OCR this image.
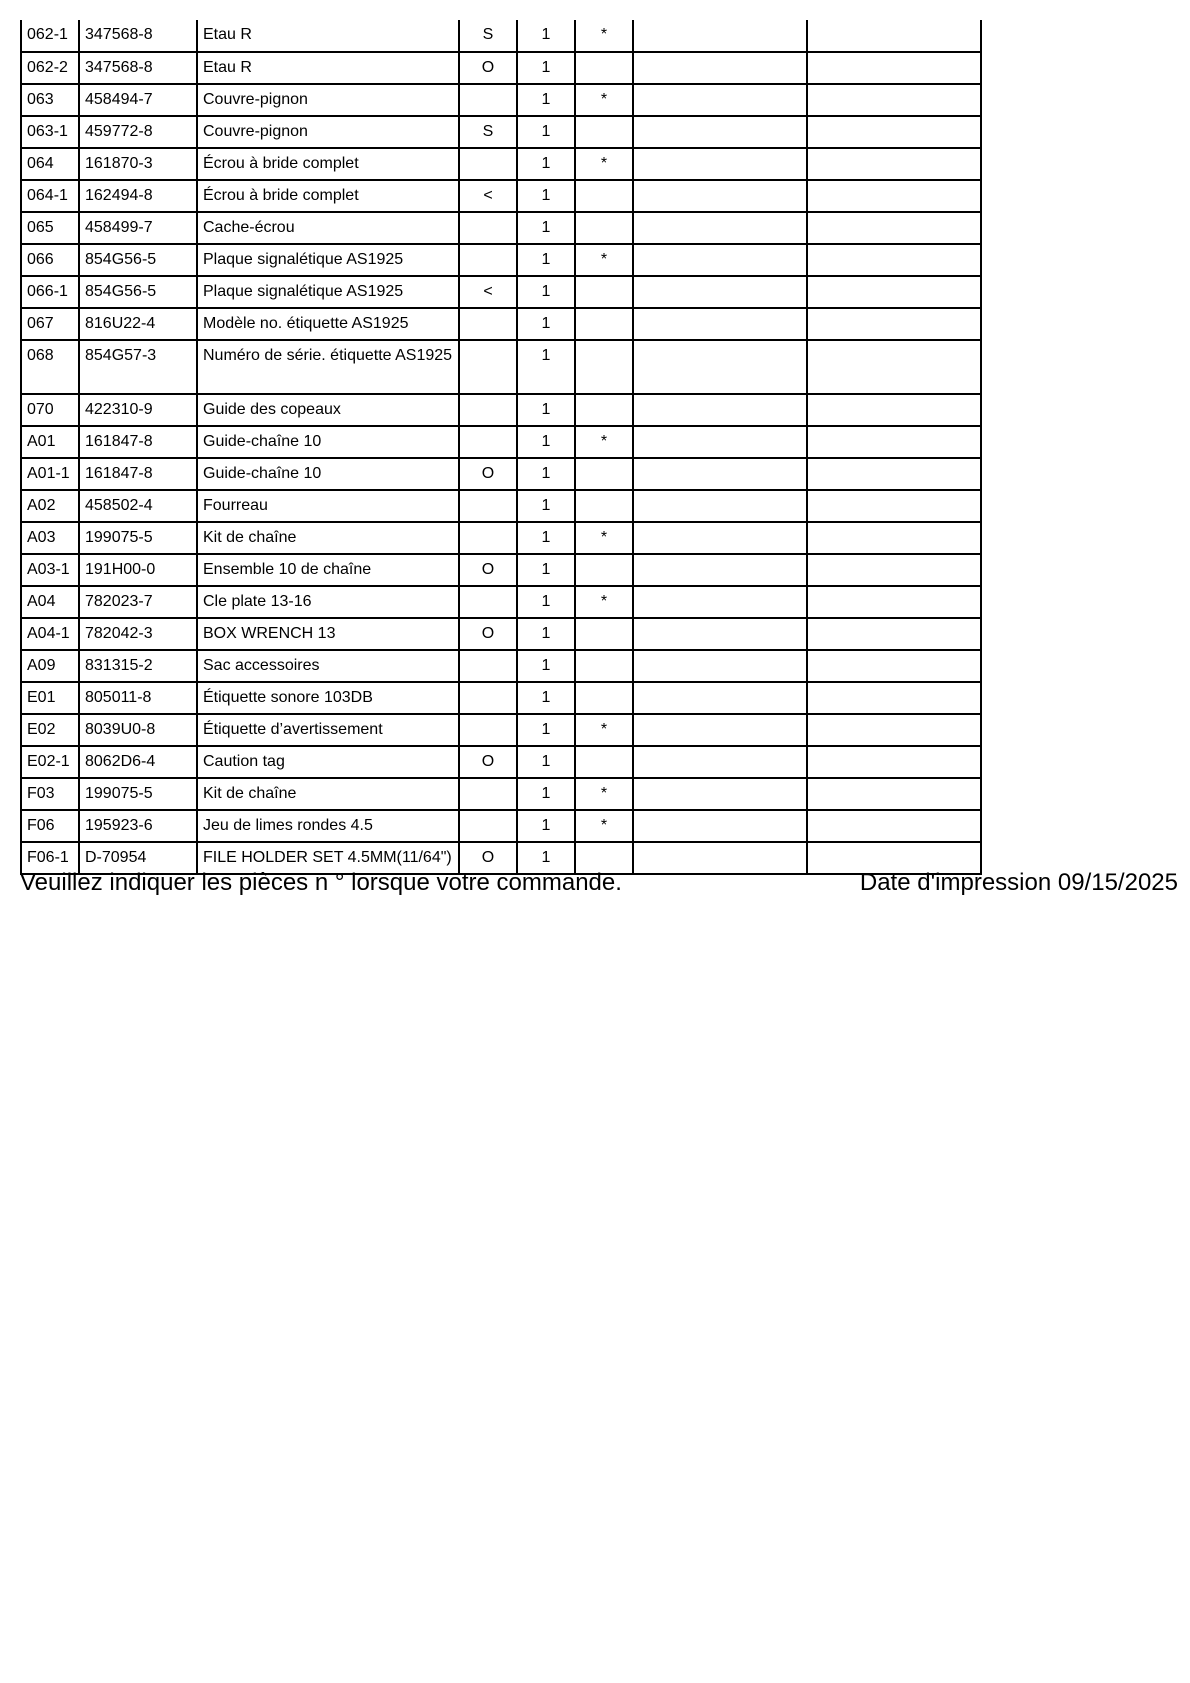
062-1	347568-8	Etau R	S	1	*		
062-2	347568-8	Etau R	O	1			
063	458494-7	Couvre-pignon		1	*		
063-1	459772-8	Couvre-pignon	S	1			
064	161870-3	Écrou à bride complet		1	*		
064-1	162494-8	Écrou à bride complet	<	1			
065	458499-7	Cache-écrou		1			
066	854G56-5	Plaque signalétique AS1925		1	*		
066-1	854G56-5	Plaque signalétique AS1925	<	1			
067	816U22-4	Modèle no. étiquette AS1925		1			
068	854G57-3	Numéro de série. étiquette AS1925		1			
070	422310-9	Guide des copeaux		1			
A01	161847-8	Guide-chaîne 10		1	*		
A01-1	161847-8	Guide-chaîne 10	O	1			
A02	458502-4	Fourreau		1			
A03	199075-5	Kit de chaîne		1	*		
A03-1	191H00-0	Ensemble 10 de chaîne	O	1			
A04	782023-7	Cle plate 13-16		1	*		
A04-1	782042-3	BOX WRENCH 13	O	1			
A09	831315-2	Sac accessoires		1			
E01	805011-8	Étiquette sonore 103DB		1			
E02	8039U0-8	Étiquette d’avertissement		1	*		
E02-1	8062D6-4	Caution tag	O	1			
F03	199075-5	Kit de chaîne		1	*		
F06	195923-6	Jeu de limes rondes 4.5		1	*		
F06-1	D-70954	FILE HOLDER SET 4.5MM(11/64")	O	1			
Veuillez indiquer les pièces n ° lorsque votre commande.	Date d'impression 09/15/2025
